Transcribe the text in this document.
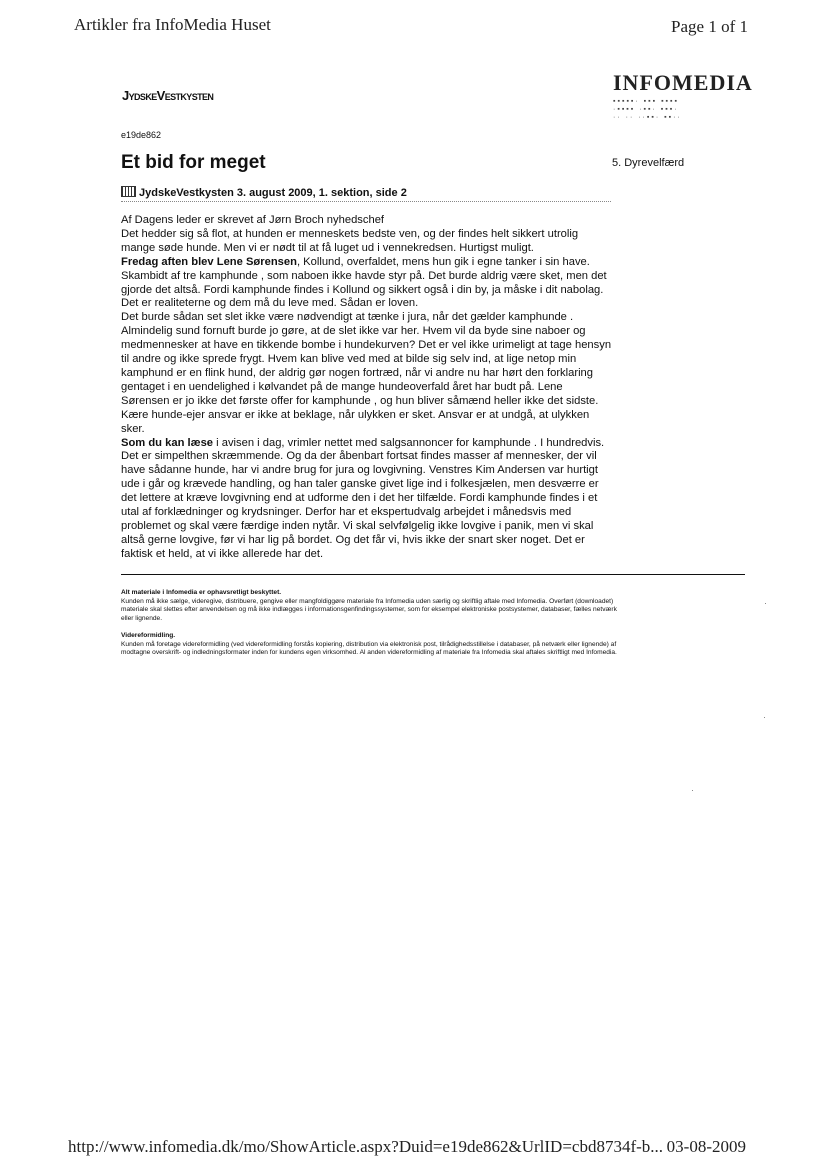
Artikler fra InfoMedia Huset	Page 1 of 1
JydskeVestkysten
INFOMEDIA
▪▪▪▪▪· ▪▪▪ ▪▪▪▪
·▪▪▪▪ ·▪▪· ▪▪▪·
·· ·· ··▪▪· ▪▪··
e19de862
Et bid for meget	5. Dyrevelfærd
JydskeVestkysten 3. august 2009, 1. sektion, side 2

Af Dagens leder er skrevet af Jørn Broch nyhedschef

Det hedder sig så flot, at hunden er menneskets bedste ven, og der findes helt sikkert utrolig mange søde hunde. Men vi er nødt til at få luget ud i vennekredsen. Hurtigst muligt.

Fredag aften blev Lene Sørensen, Kollund, overfaldet, mens hun gik i egne tanker i sin have. Skambidt af tre kamphunde , som naboen ikke havde styr på. Det burde aldrig være sket, men det gjorde det altså. Fordi kamphunde findes i Kollund og sikkert også i din by, ja måske i dit nabolag. Det er realiteterne og dem må du leve med. Sådan er loven.

Det burde sådan set slet ikke være nødvendigt at tænke i jura, når det gælder kamphunde . Almindelig sund fornuft burde jo gøre, at de slet ikke var her. Hvem vil da byde sine naboer og medmennesker at have en tikkende bombe i hundekurven? Det er vel ikke urimeligt at tage hensyn til andre og ikke sprede frygt. Hvem kan blive ved med at bilde sig selv ind, at lige netop min kamphund er en flink hund, der aldrig gør nogen fortræd, når vi andre nu har hørt den forklaring gentaget i en uendelighed i kølvandet på de mange hundeoverfald året har budt på. Lene Sørensen er jo ikke det første offer for kamphunde , og hun bliver såmænd heller ikke det sidste. Kære hunde-ejer ansvar er ikke at beklage, når ulykken er sket. Ansvar er at undgå, at ulykken sker.

Som du kan læse i avisen i dag, vrimler nettet med salgsannoncer for kamphunde . I hundredvis. Det er simpelthen skræmmende. Og da der åbenbart fortsat findes masser af mennesker, der vil have sådanne hunde, har vi andre brug for jura og lovgivning. Venstres Kim Andersen var hurtigt ude i går og krævede handling, og han taler ganske givet lige ind i folkesjælen, men desværre er det lettere at kræve lovgivning end at udforme den i det her tilfælde. Fordi kamphunde findes i et utal af forklædninger og krydsninger. Derfor har et ekspertudvalg arbejdet i månedsvis med problemet og skal være færdige inden nytår. Vi skal selvfølgelig ikke lovgive i panik, men vi skal altså gerne lovgive, før vi har lig på bordet. Og det får vi, hvis ikke der snart sker noget. Det er faktisk et held, at vi ikke allerede har det.

Alt materiale i Infomedia er ophavsretligt beskyttet.
Kunden må ikke sælge, videregive, distribuere, gengive eller mangfoldiggøre materiale fra Infomedia uden særlig og skriftlig aftale med Infomedia. Overført (downloadet) materiale skal slettes efter anvendelsen og må ikke indlægges i informationsgenfindingssystemer, som for eksempel elektroniske postsystemer, databaser, fælles netværk eller lignende.
Videreformidling.
Kunden må foretage videreformidling (ved videreformidling forstås kopiering, distribution via elektronisk post, tilrådighedsstillelse i databaser, på netværk eller lignende) af modtagne overskrift- og indledningsformater inden for kundens egen virksomhed. Al anden videreformidling af materiale fra Infomedia skal aftales skriftligt med Infomedia.
http://www.infomedia.dk/mo/ShowArticle.aspx?Duid=e19de862&UrlID=cbd8734f-b... 03-08-2009
